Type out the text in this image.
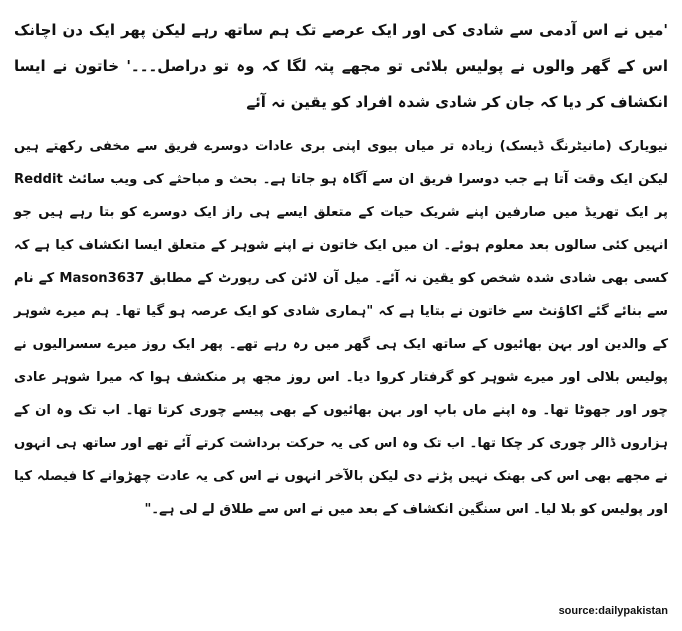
'میں نے اس آدمی سے شادی کی اور ایک عرصے تک ہم ساتھ رہے لیکن پھر ایک دن اچانک اس کے گھر والوں نے پولیس بلائی تو مجھے پتہ لگا کہ وہ تو دراصل۔۔۔' خاتون نے ایسا انکشاف کر دیا کہ جان کر شادی شدہ افراد کو یقین نہ آئے

نیویارک (مانیٹرنگ ڈیسک) زیادہ تر میاں بیوی اپنی بری عادات دوسرے فریق سے مخفی رکھتے ہیں لیکن ایک وقت آتا ہے جب دوسرا فریق ان سے آگاہ ہو جاتا ہے۔ بحث و مباحثے کی ویب سائٹ Reddit پر ایک تھریڈ میں صارفین اپنے شریک حیات کے متعلق ایسے ہی راز ایک دوسرے کو بتا رہے ہیں جو انہیں کئی سالوں بعد معلوم ہوئے۔ ان میں ایک خاتون نے اپنے شوہر کے متعلق ایسا انکشاف کیا ہے کہ کسی بھی شادی شدہ شخص کو یقین نہ آئے۔ میل آن لائن کی رپورٹ کے مطابق Mason3637 کے نام سے بنائے گئے اکاﺅنٹ سے خاتون نے بتایا ہے کہ "ہماری شادی کو ایک عرصہ ہو گیا تھا۔ ہم میرے شوہر کے والدین اور بہن بھائیوں کے ساتھ ایک ہی گھر میں رہ رہے تھے۔ پھر ایک روز میرے سسرالیوں نے پولیس بلالی اور میرے شوہر کو گرفتار کروا دیا۔ اس روز مجھ پر منکشف ہوا کہ میرا شوہر عادی چور اور جھوٹا تھا۔ وہ اپنے ماں باپ اور بہن بھائیوں کے بھی پیسے چوری کرتا تھا۔ اب تک وہ ان کے ہزاروں ڈالر چوری کر چکا تھا۔ اب تک وہ اس کی یہ حرکت برداشت کرتے آئے تھے اور ساتھ ہی انہوں نے مجھے بھی اس کی بھنک نہیں پڑنے دی لیکن بالآخر انہوں نے اس کی یہ عادت چھڑوانے کا فیصلہ کیا اور پولیس کو بلا لیا۔ اس سنگین انکشاف کے بعد میں نے اس سے طلاق لے لی ہے۔"

source:dailypakistan
